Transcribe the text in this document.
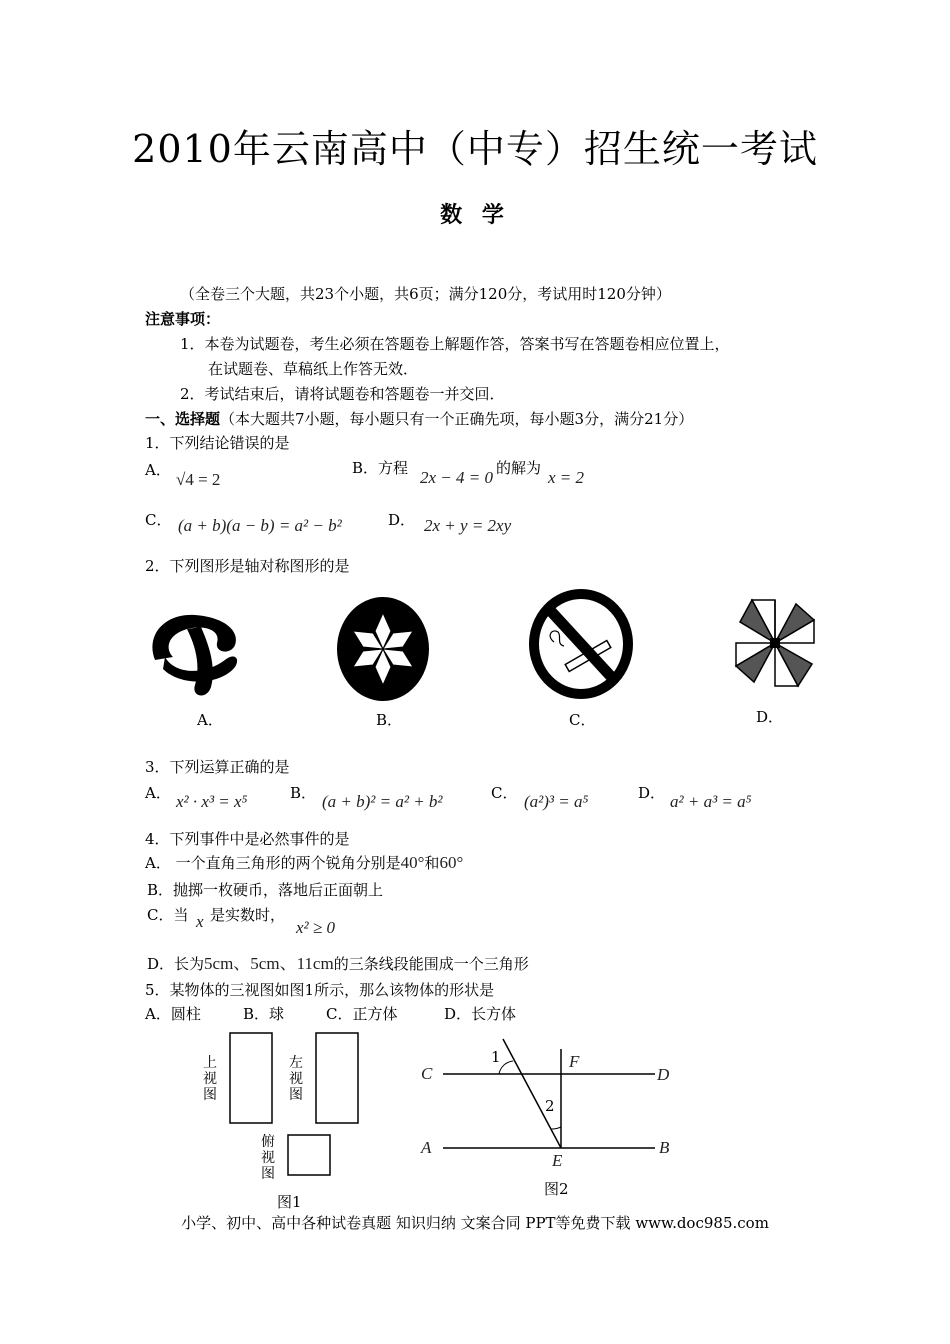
2010年云南高中（中专）招生统一考试
数 学
（全卷三个大题，共23个小题，共6页；满分120分，考试用时120分钟）
注意事项：
1．本卷为试题卷，考生必须在答题卷上解题作答，答案书写在答题卷相应位置上，
在试题卷、草稿纸上作答无效．
2．考试结束后，请将试题卷和答题卷一并交回．
一、选择题（本大题共7小题，每小题只有一个正确先项，每小题3分，满分21分）
1．下列结论错误的是
A． √4 = 2
B．方程 2x − 4 = 0 的解为 x = 2
C． (a + b)(a − b) = a² − b²	D． 2x + y = 2xy
2．下列图形是轴对称图形的是
A．	B．	C．	D．
3．下列运算正确的是
A． x² · x³ = x⁵	B． (a + b)² = a² + b²	C． (a²)³ = a⁵	D． a² + a³ = a⁵
4．下列事件中是必然事件的是
A． 一个直角三角形的两个锐角分别是40°和60°
B．抛掷一枚硬币，落地后正面朝上
C．当 x 是实数时，
x² ≥ 0
D．长为5cm、5cm、11cm的三条线段能围成一个三角形
5．某物体的三视图如图1所示，那么该物体的形状是
A．圆柱	B．球	C．正方体	D．长方体
上视图
左视图
俯视图
图1
C
F
D
A
E
B
1
2
图2
小学、初中、高中各种试卷真题 知识归纳 文案合同 PPT等免费下载 www.doc985.com
